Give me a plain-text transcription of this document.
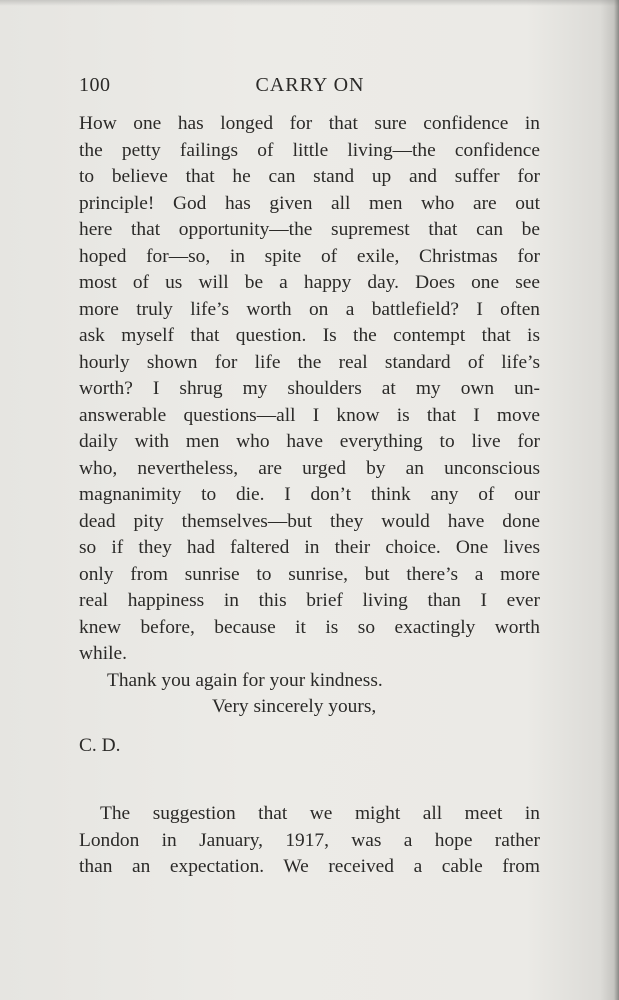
100	CARRY ON
How one has longed for that sure confidence in
the petty failings of little living—the confidence
to believe that he can stand up and suffer for
principle! God has given all men who are out
here that opportunity—the supremest that can be
hoped for—so, in spite of exile, Christmas for
most of us will be a happy day. Does one see
more truly life’s worth on a battlefield? I often
ask myself that question. Is the contempt that is
hourly shown for life the real standard of life’s
worth? I shrug my shoulders at my own un-
answerable questions—all I know is that I move
daily with men who have everything to live for
who, nevertheless, are urged by an unconscious
magnanimity to die. I don’t think any of our
dead pity themselves—but they would have done
so if they had faltered in their choice. One lives
only from sunrise to sunrise, but there’s a more
real happiness in this brief living than I ever
knew before, because it is so exactingly worth
while.
Thank you again for your kindness.
Very sincerely yours,
C. D.
The suggestion that we might all meet in
London in January, 1917, was a hope rather
than an expectation. We received a cable from
